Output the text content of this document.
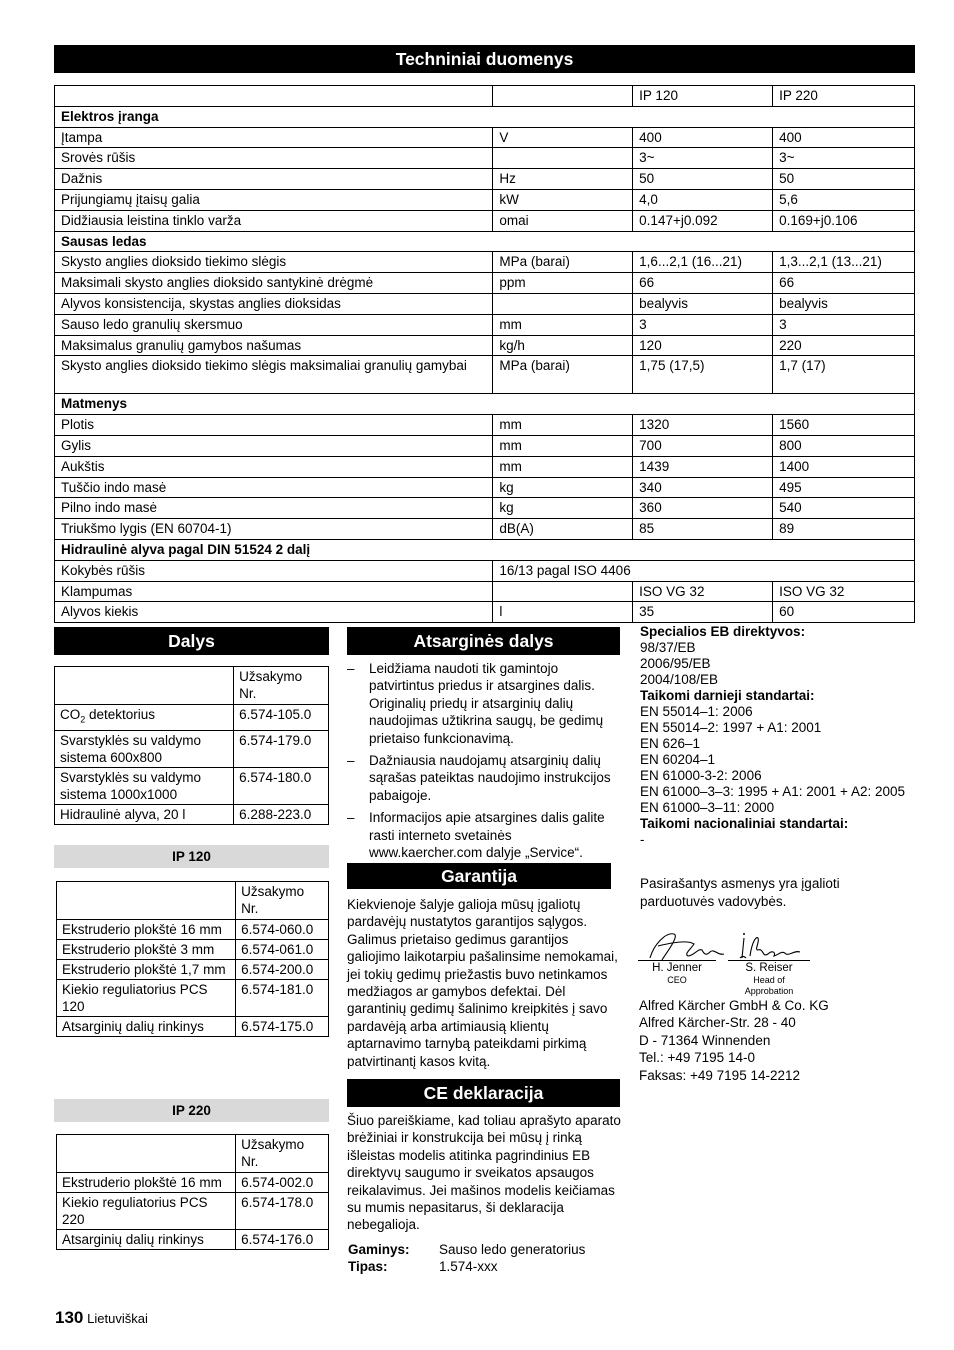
Techniniai duomenys
		IP 120	IP 220
Elektros įranga			
Įtampa	V	400	400
Srovės rūšis		3~	3~
Dažnis	Hz	50	50
Prijungiamų įtaisų galia	kW	4,0	5,6
Didžiausia leistina tinklo varža	omai	0.147+j0.092	0.169+j0.106
Sausas ledas			
Skysto anglies dioksido tiekimo slėgis	MPa (barai)	1,6...2,1 (16...21)	1,3...2,1 (13...21)
Maksimali skysto anglies dioksido santykinė drėgmė	ppm	66	66
Alyvos konsistencija, skystas anglies dioksidas		bealyvis	bealyvis
Sauso ledo granulių skersmuo	mm	3	3
Maksimalus granulių gamybos našumas	kg/h	120	220
Skysto anglies dioksido tiekimo slėgis maksimaliai granulių gamybai	MPa (barai)	1,75 (17,5)	1,7 (17)
Matmenys			
Plotis	mm	1320	1560
Gylis	mm	700	800
Aukštis	mm	1439	1400
Tuščio indo masė	kg	340	495
Pilno indo masė	kg	360	540
Triukšmo lygis (EN 60704-1)	dB(A)	85	89
Hidraulinė alyva pagal DIN 51524 2 dalį			
Kokybės rūšis	16/13 pagal ISO 4406		
Klampumas		ISO VG 32	ISO VG 32
Alyvos kiekis	l	35	60
Dalys
	Užsakymo Nr.
$CO_2$ detektorius	6.574-105.0
Svarstyklės su valdymo sistema 600x800	6.574-179.0
Svarstyklės su valdymo sistema 1000x1000	6.574-180.0
Hidraulinė alyva, 20 l	6.288-223.0
IP 120
	Užsakymo Nr.
Ekstruderio plokštė 16 mm	6.574-060.0
Ekstruderio plokštė 3 mm	6.574-061.0
Ekstruderio plokštė 1,7 mm	6.574-200.0
Kiekio reguliatorius PCS 120	6.574-181.0
Atsarginių dalių rinkinys	6.574-175.0
IP 220
	Užsakymo Nr.
Ekstruderio plokštė 16 mm	6.574-002.0
Kiekio reguliatorius PCS 220	6.574-178.0
Atsarginių dalių rinkinys	6.574-176.0
Atsarginės dalys
– Leidžiama naudoti tik gamintojo patvirtintus priedus ir atsargines dalis. Originalių priedų ir atsarginių dalių naudojimas užtikrina saugų, be gedimų prietaiso funkcionavimą.
– Dažniausia naudojamų atsarginių dalių sąrašas pateiktas naudojimo instrukcijos pabaigoje.
– Informacijos apie atsargines dalis galite rasti interneto svetainės www.kaercher.com dalyje „Service“.
Garantija
Kiekvienoje šalyje galioja mūsų įgaliotų pardavėjų nustatytos garantijos sąlygos. Galimus prietaiso gedimus garantijos galiojimo laikotarpiu pašalinsime nemokamai, jei tokių gedimų priežastis buvo netinkamos medžiagos ar gamybos defektai. Dėl garantinių gedimų šalinimo kreipkitės į savo pardavėją arba artimiausią klientų aptarnavimo tarnybą pateikdami pirkimą patvirtinantį kasos kvitą.
CE deklaracija
Šiuo pareiškiame, kad toliau aprašyto aparato brėžiniai ir konstrukcija bei mūsų į rinką išleistas modelis atitinka pagrindinius EB direktyvų saugumo ir sveikatos apsaugos reikalavimus. Jei mašinos modelis keičiamas su mumis nepasitarus, ši deklaracija nebegalioja.
Gaminys:	Sauso ledo generatorius
Tipas:	1.574-xxx
Specialios EB direktyvos:
98/37/EB
2006/95/EB
2004/108/EB
Taikomi darnieji standartai:
EN 55014–1: 2006
EN 55014–2: 1997 + A1: 2001
EN 626–1
EN 60204–1
EN 61000-3-2: 2006
EN 61000–3–3: 1995 + A1: 2001 + A2: 2005
EN 61000–3–11: 2000
Taikomi nacionaliniai standartai:
-
Pasirašantys asmenys yra įgalioti parduotuvės vadovybės.
H. Jenner
CEO
S. Reiser
Head of Approbation
Alfred Kärcher GmbH & Co. KG
Alfred Kärcher-Str. 28 - 40
D - 71364 Winnenden
Tel.: +49 7195 14-0
Faksas: +49 7195 14-2212
130 Lietuviškai
